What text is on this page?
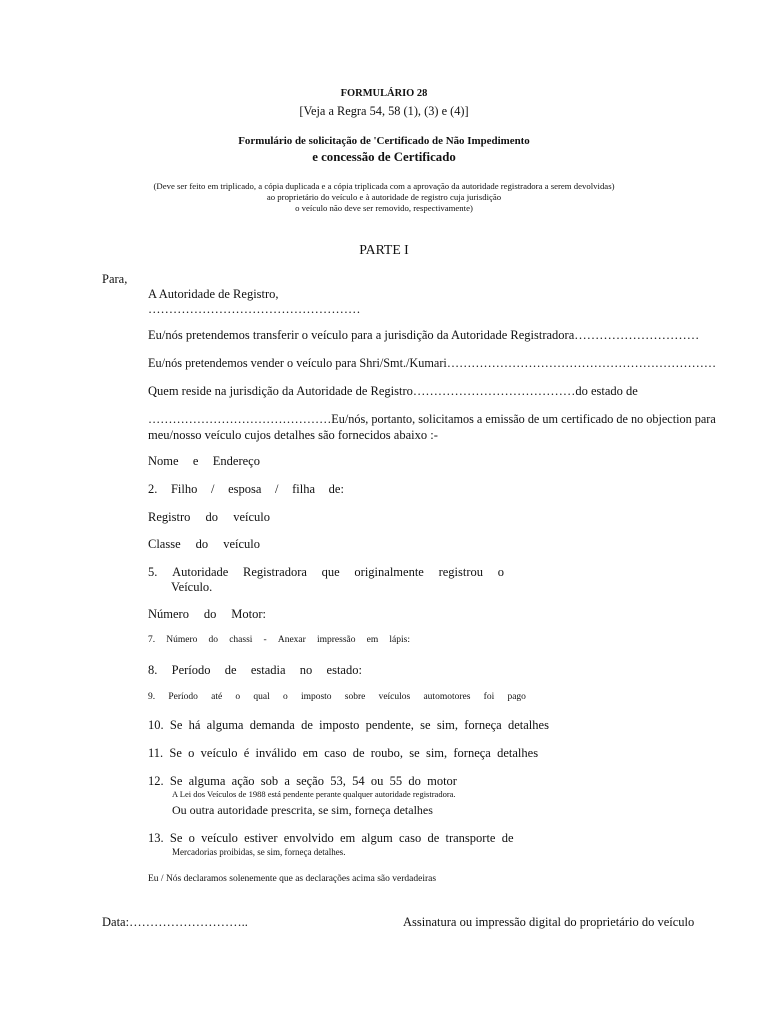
FORMULÁRIO 28
[Veja a Regra 54, 58 (1), (3) e (4)]
Formulário de solicitação de 'Certificado de Não Impedimento
e concessão de Certificado
(Deve ser feito em triplicado, a cópia duplicada e a cópia triplicada com a aprovação da autoridade registradora a serem devolvidas)
ao proprietário do veículo e à autoridade de registro cuja jurisdição
o veículo não deve ser removido, respectivamente)
PARTE I
Para,
A Autoridade de Registro,
……………………………………………
Eu/nós pretendemos transferir o veículo para a jurisdição da Autoridade Registradora…………………………
Eu/nós pretendemos vender o veículo para Shri/Smt./Kumari…………………………………………………………
Quem reside na jurisdição da Autoridade de Registro…………………………………do estado de
………………………………………Eu/nós, portanto, solicitamos a emissão de um certificado de no objection para
meu/nosso veículo cujos detalhes são fornecidos abaixo :-
Nome e Endereço
2. Filho / esposa / filha de:
Registro do veículo
Classe do veículo
5. Autoridade Registradora que originalmente registrou o
Veículo.
Número do Motor:
7. Número do chassi - Anexar impressão em lápis:
8. Período de estadia no estado:
9. Período até o qual o imposto sobre veículos automotores foi pago
10.  Se  há  alguma  demanda  de  imposto  pendente,  se  sim,  forneça  detalhes
11.  Se  o  veículo  é  inválido  em  caso  de  roubo,  se  sim,  forneça  detalhes
12.  Se  alguma  ação  sob  a  seção  53,  54  ou  55  do  motor
A Lei dos Veículos de 1988 está pendente perante qualquer autoridade registradora.
Ou outra autoridade prescrita, se sim, forneça detalhes
13.  Se  o  veículo  estiver  envolvido  em  algum  caso  de  transporte  de
Mercadorias proibidas, se sim, forneça detalhes.
Eu / Nós declaramos solenemente que as declarações acima são verdadeiras
Data:………………………..	Assinatura ou impressão digital do proprietário do veículo
